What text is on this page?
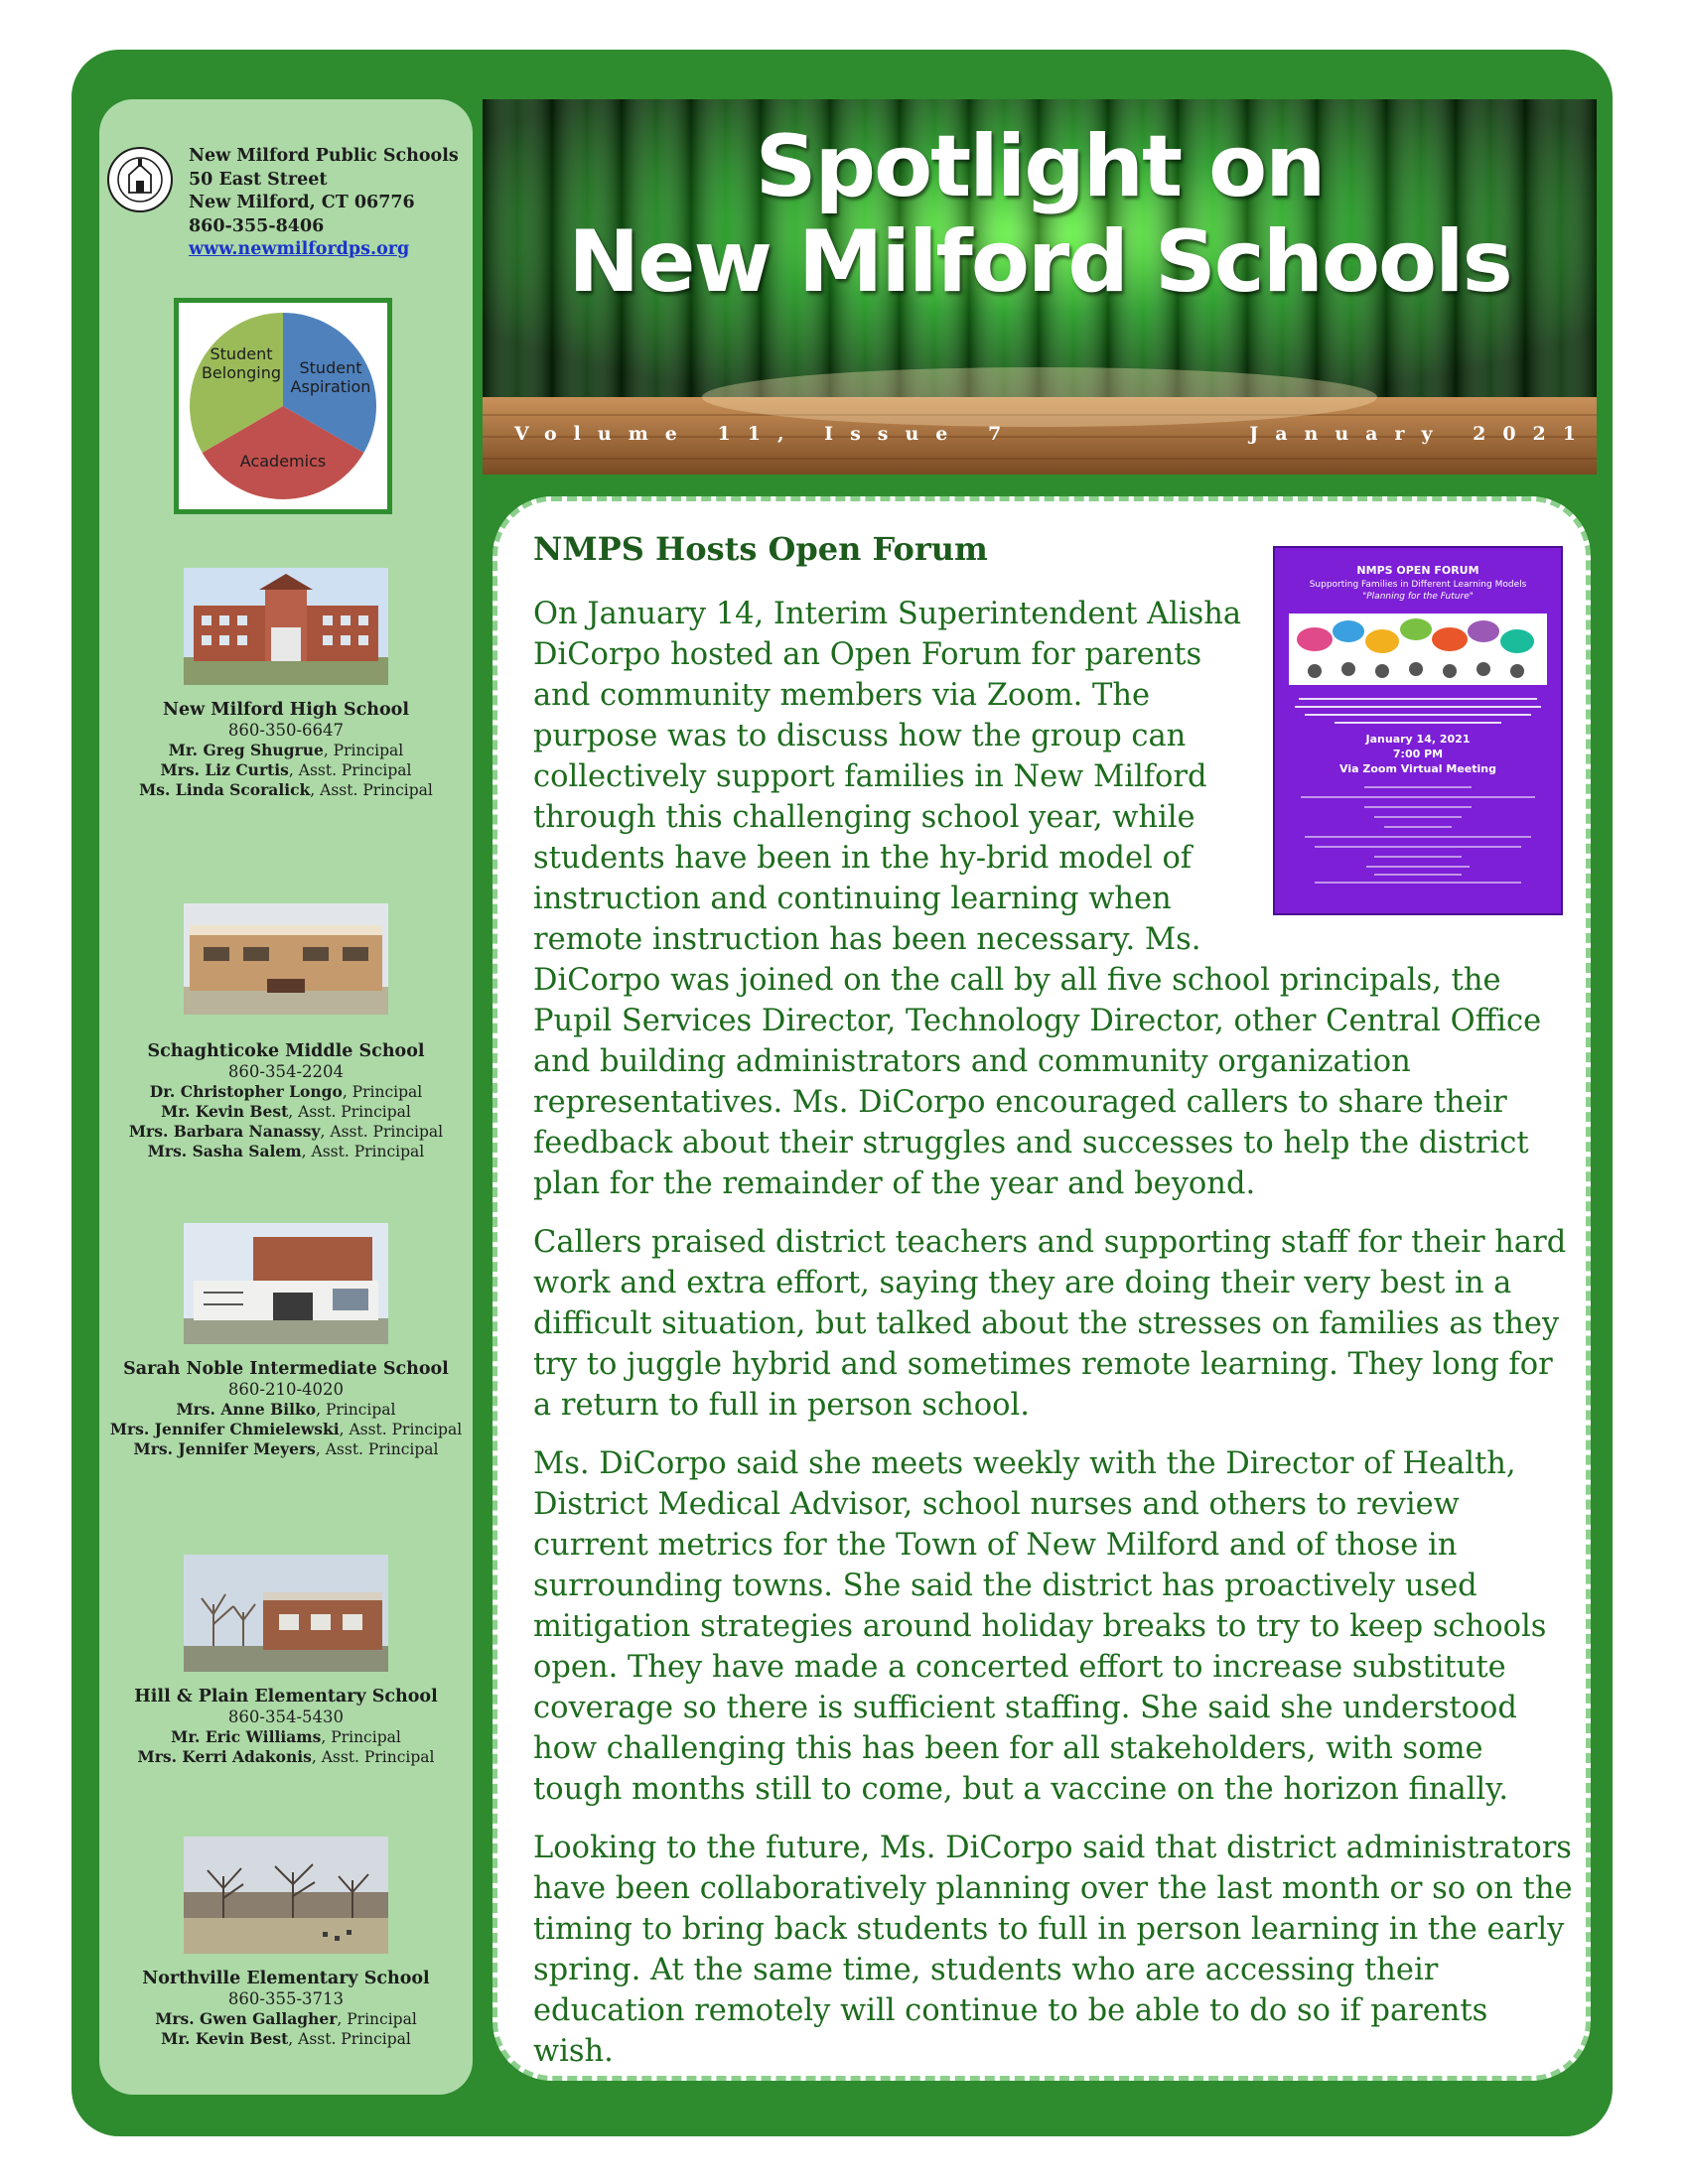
New Milford Public Schools
50 East Street
New Milford, CT 06776
860-355-8406
www.newmilfordps.org
Student Belonging	Student Aspiration
Academics
New Milford High School
860-350-6647
Mr. Greg Shugrue, Principal
Mrs. Liz Curtis, Asst. Principal
Ms. Linda Scoralick, Asst. Principal
Schaghticoke Middle School
860-354-2204
Dr. Christopher Longo, Principal
Mr. Kevin Best, Asst. Principal
Mrs. Barbara Nanassy, Asst. Principal
Mrs. Sasha Salem, Asst. Principal
Sarah Noble Intermediate School
860-210-4020
Mrs. Anne Bilko, Principal
Mrs. Jennifer Chmielewski, Asst. Principal
Mrs. Jennifer Meyers, Asst. Principal
Hill & Plain Elementary School
860-354-5430
Mr. Eric Williams, Principal
Mrs. Kerri Adakonis, Asst. Principal
Northville Elementary School
860-355-3713
Mrs. Gwen Gallagher, Principal
Mr. Kevin Best, Asst. Principal
Spotlight on
New Milford Schools
Volume 11, Issue 7	January 2021
NMPS Hosts Open Forum
NMPS OPEN FORUM
Supporting Families in Different Learning Models
"Planning for the Future"
January 14, 2021
7:00 PM
Via Zoom Virtual Meeting

On January 14, Interim Superintendent Alisha DiCorpo hosted an Open Forum for parents and community members via Zoom. The purpose was to discuss how the group can collectively support families in New Milford through this challenging school year, while students have been in the hy-brid model of instruction and continuing learning when remote instruction has been necessary. Ms. DiCorpo was joined on the call by all five school principals, the Pupil Services Director, Technology Director, other Central Office and building administrators and community organization representatives. Ms. DiCorpo encouraged callers to share their feedback about their struggles and successes to help the district plan for the remainder of the year and beyond.

Callers praised district teachers and supporting staff for their hard work and extra effort, saying they are doing their very best in a difficult situation, but talked about the stresses on families as they try to juggle hybrid and sometimes remote learning. They long for a return to full in person school.

Ms. DiCorpo said she meets weekly with the Director of Health, District Medical Advisor, school nurses and others to review current metrics for the Town of New Milford and of those in surrounding towns. She said the district has proactively used mitigation strategies around holiday breaks to try to keep schools open. They have made a concerted effort to increase substitute coverage so there is sufficient staffing. She said she understood how challenging this has been for all stakeholders, with some tough months still to come, but a vaccine on the horizon finally.

Looking to the future, Ms. DiCorpo said that district administrators have been collaboratively planning over the last month or so on the timing to bring back students to full in person learning in the early spring. At the same time, students who are accessing their education remotely will continue to be able to do so if parents wish.
